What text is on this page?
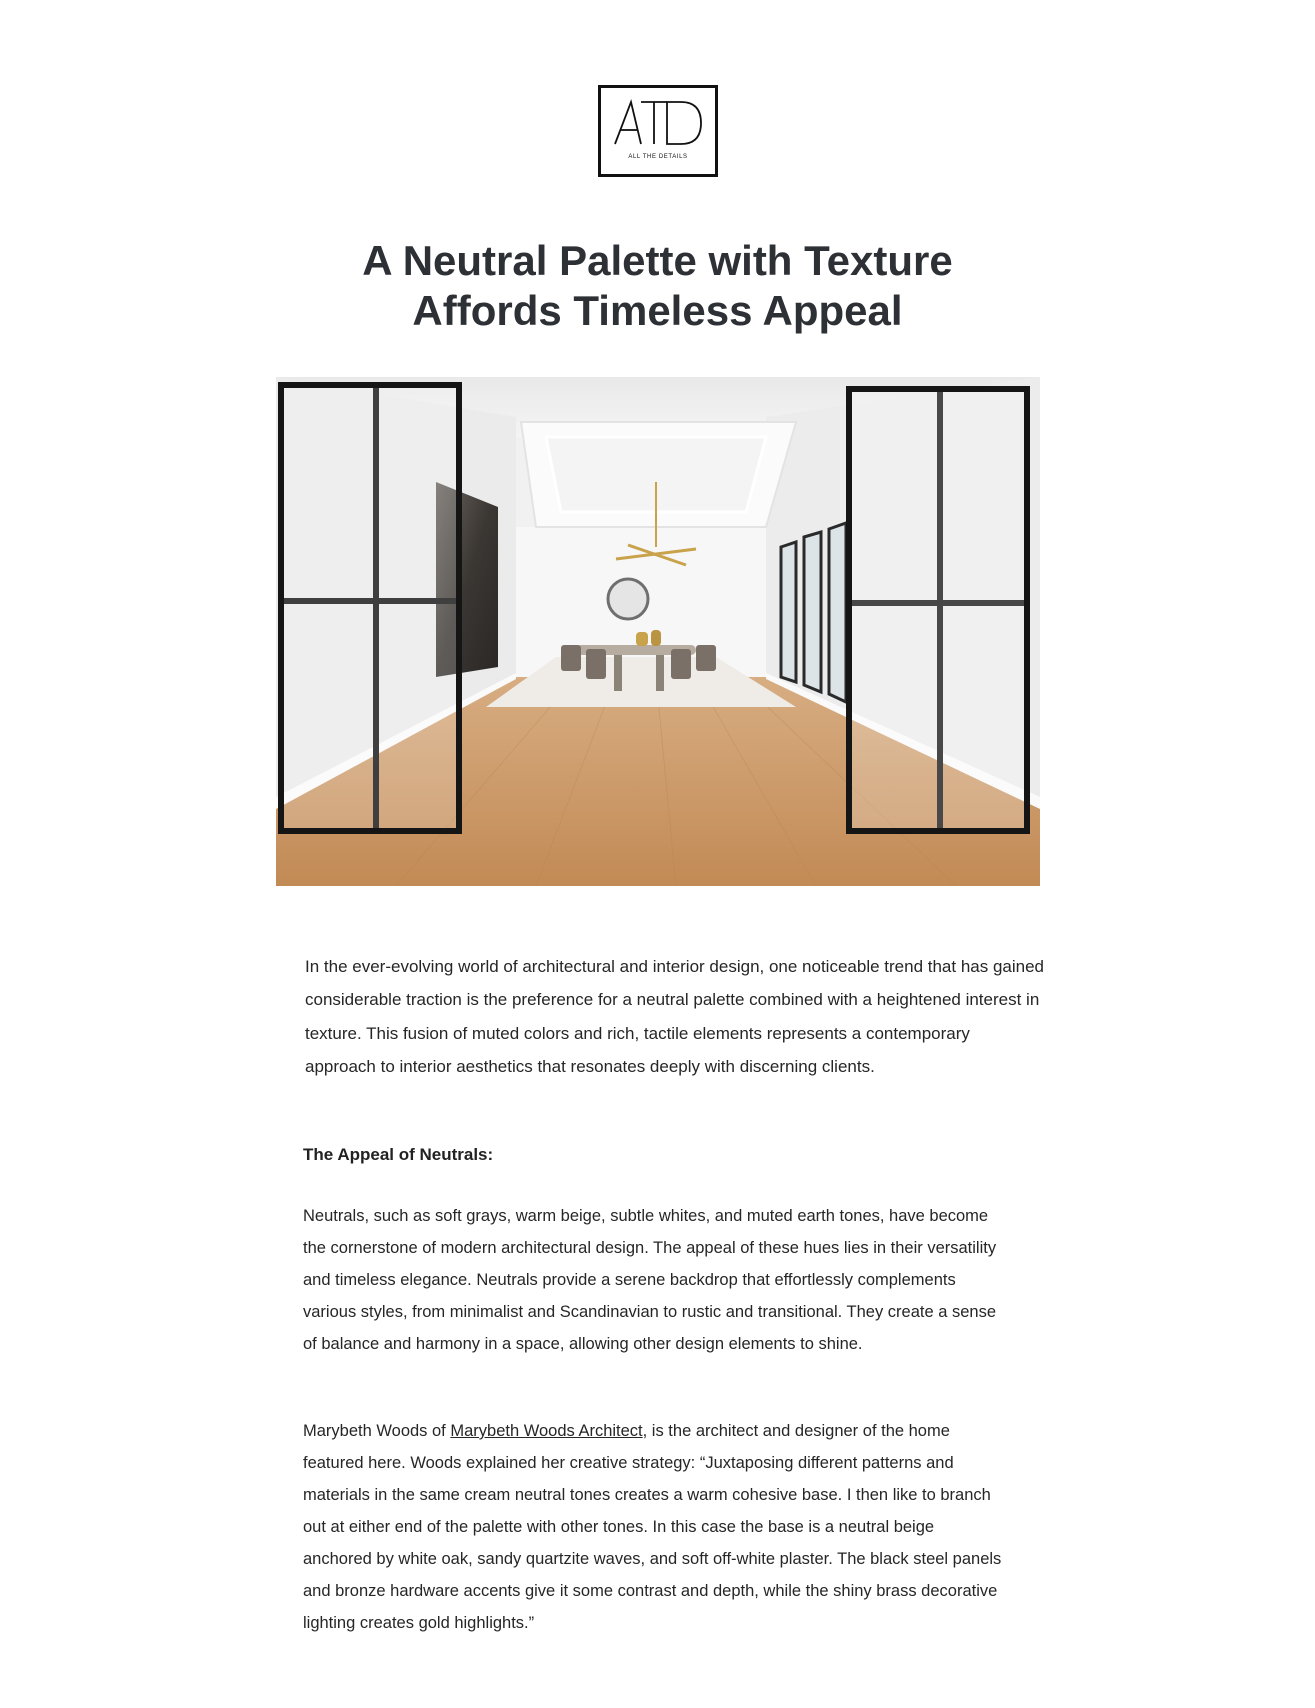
ALL THE DETAILS
A Neutral Palette with Texture
Affords Timeless Appeal

In the ever-evolving world of architectural and interior design, one noticeable trend that has gained considerable traction is the preference for a neutral palette combined with a heightened interest in texture. This fusion of muted colors and rich, tactile elements represents a contemporary approach to interior aesthetics that resonates deeply with discerning clients.

The Appeal of Neutrals:

Neutrals, such as soft grays, warm beige, subtle whites, and muted earth tones, have become the cornerstone of modern architectural design. The appeal of these hues lies in their versatility and timeless elegance. Neutrals provide a serene backdrop that effortlessly complements various styles, from minimalist and Scandinavian to rustic and transitional. They create a sense of balance and harmony in a space, allowing other design elements to shine.

Marybeth Woods of Marybeth Woods Architect, is the architect and designer of the home featured here. Woods explained her creative strategy: “Juxtaposing different patterns and materials in the same cream neutral tones creates a warm cohesive base. I then like to branch out at either end of the palette with other tones. In this case the base is a neutral beige anchored by white oak, sandy quartzite waves, and soft off-white plaster. The black steel panels and bronze hardware accents give it some contrast and depth, while the shiny brass decorative lighting creates gold highlights.”
